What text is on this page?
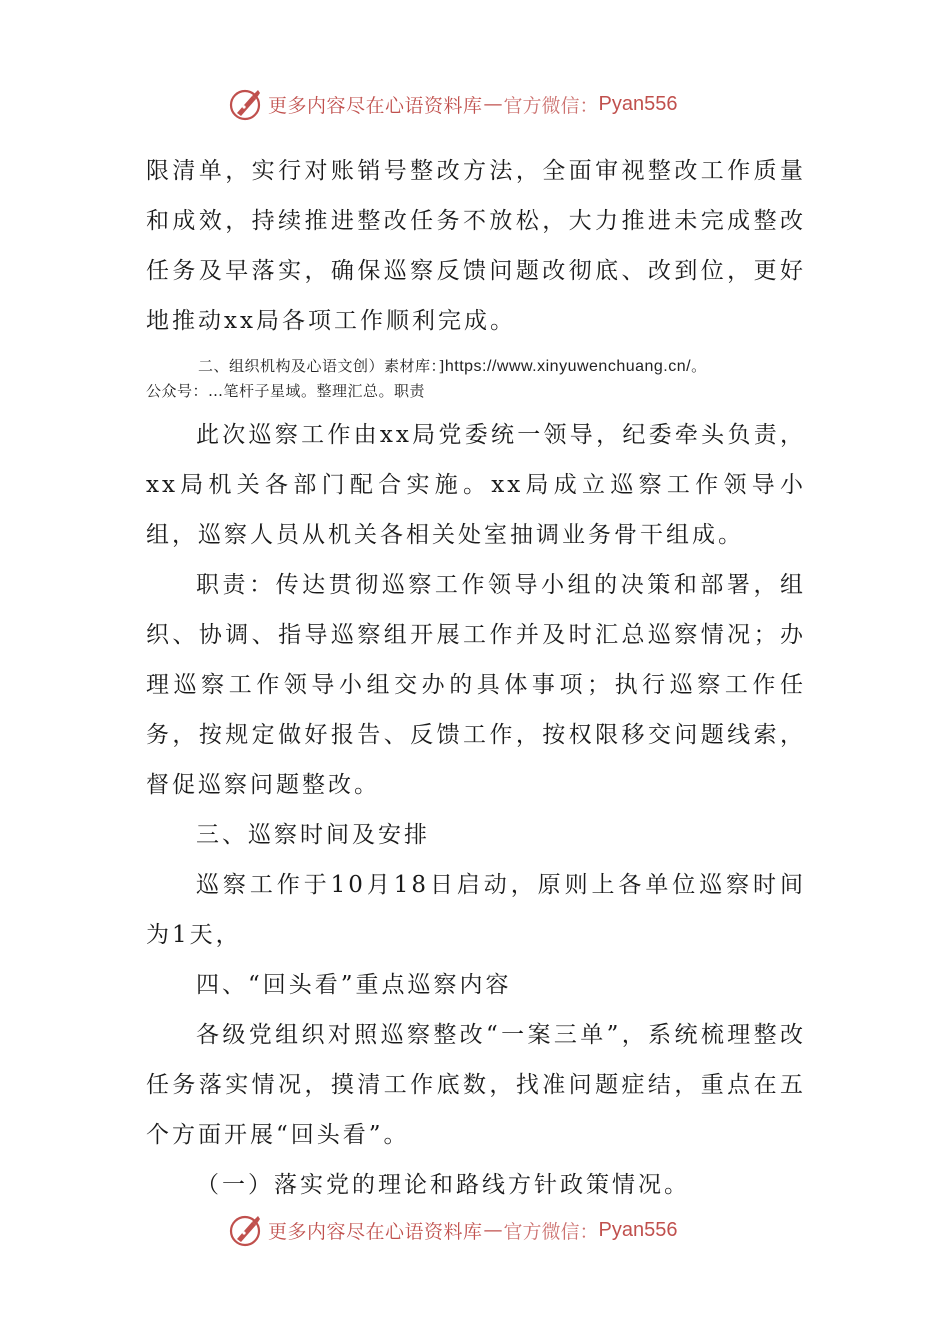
更多内容尽在心语资料库 — 官方微信： Pyan556

限清单，实行对账销号整改方法，全面审视整改工作质量和成效，持续推进整改任务不放松，大力推进未完成整改任务及早落实，确保巡察反馈问题改彻底、改到位，更好地推动xx局各项工作顺利完成。

二、组织机构及心语文创）素材库：]https://www.xinyuwenchuang.cn/。

公众号：…笔杆子星域。整理汇总。职责

此次巡察工作由xx局党委统一领导，纪委牵头负责，xx局机关各部门配合实施。xx局成立巡察工作领导小组，巡察人员从机关各相关处室抽调业务骨干组成。

职责：传达贯彻巡察工作领导小组的决策和部署，组织、协调、指导巡察组开展工作并及时汇总巡察情况；办理巡察工作领导小组交办的具体事项；执行巡察工作任务，按规定做好报告、反馈工作，按权限移交问题线索，督促巡察问题整改。

三、巡察时间及安排

巡察工作于10月18日启动，原则上各单位巡察时间为1天，

四、“回头看”重点巡察内容

各级党组织对照巡察整改“一案三单”，系统梳理整改任务落实情况，摸清工作底数，找准问题症结，重点在五个方面开展“回头看”。

（一）落实党的理论和路线方针政策情况。

更多内容尽在心语资料库 — 官方微信： Pyan556
